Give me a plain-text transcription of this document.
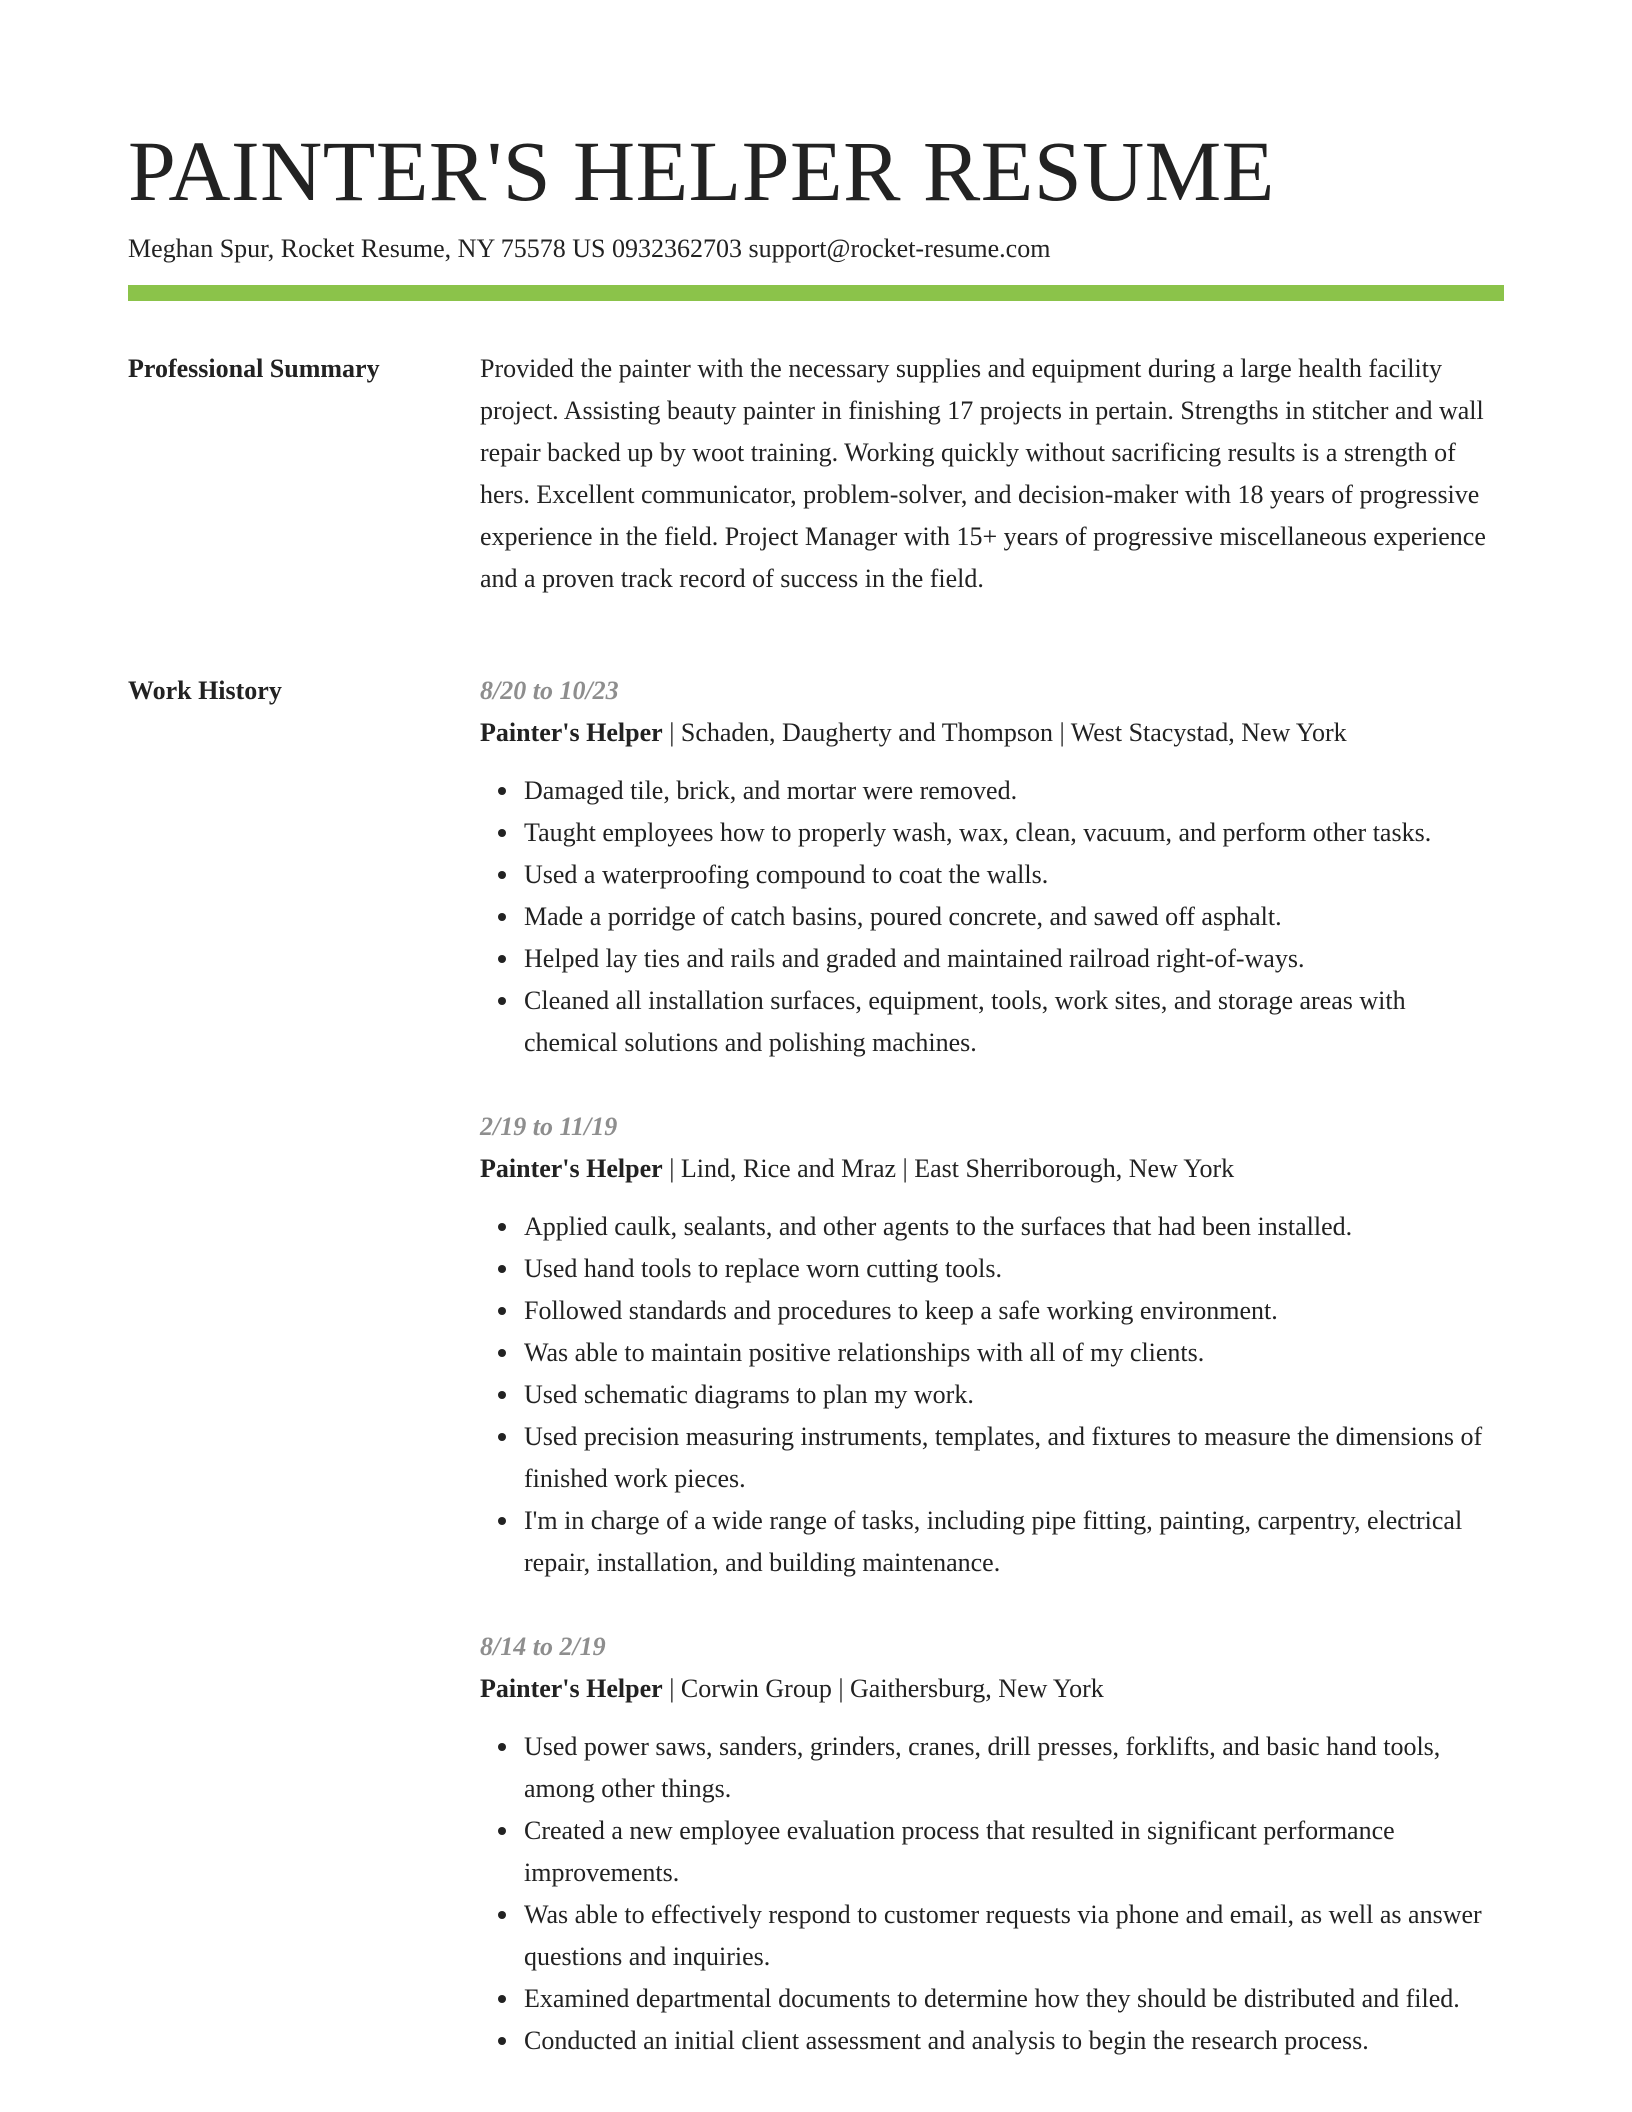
PAINTER'S HELPER RESUME
Meghan Spur, Rocket Resume, NY 75578 US 0932362703 support@rocket-resume.com
Professional Summary	Provided the painter with the necessary supplies and equipment during a large health facility project. Assisting beauty painter in finishing 17 projects in pertain. Strengths in stitcher and wall repair backed up by woot training. Working quickly without sacrificing results is a strength of hers. Excellent communicator, problem-solver, and decision-maker with 18 years of progressive experience in the field. Project Manager with 15+ years of progressive miscellaneous experience and a proven track record of success in the field.

Work History	8/20 to 10/23

Painter's Helper | Schaden, Daugherty and Thompson | West Stacystad, New York

Damaged tile, brick, and mortar were removed.
Taught employees how to properly wash, wax, clean, vacuum, and perform other tasks.
Used a waterproofing compound to coat the walls.
Made a porridge of catch basins, poured concrete, and sawed off asphalt.
Helped lay ties and rails and graded and maintained railroad right-of-ways.
Cleaned all installation surfaces, equipment, tools, work sites, and storage areas with chemical solutions and polishing machines.

2/19 to 11/19

Painter's Helper | Lind, Rice and Mraz | East Sherriborough, New York

Applied caulk, sealants, and other agents to the surfaces that had been installed.
Used hand tools to replace worn cutting tools.
Followed standards and procedures to keep a safe working environment.
Was able to maintain positive relationships with all of my clients.
Used schematic diagrams to plan my work.
Used precision measuring instruments, templates, and fixtures to measure the dimensions of finished work pieces.
I'm in charge of a wide range of tasks, including pipe fitting, painting, carpentry, electrical repair, installation, and building maintenance.

8/14 to 2/19

Painter's Helper | Corwin Group | Gaithersburg, New York

Used power saws, sanders, grinders, cranes, drill presses, forklifts, and basic hand tools, among other things.
Created a new employee evaluation process that resulted in significant performance improvements.
Was able to effectively respond to customer requests via phone and email, as well as answer questions and inquiries.
Examined departmental documents to determine how they should be distributed and filed.
Conducted an initial client assessment and analysis to begin the research process.
